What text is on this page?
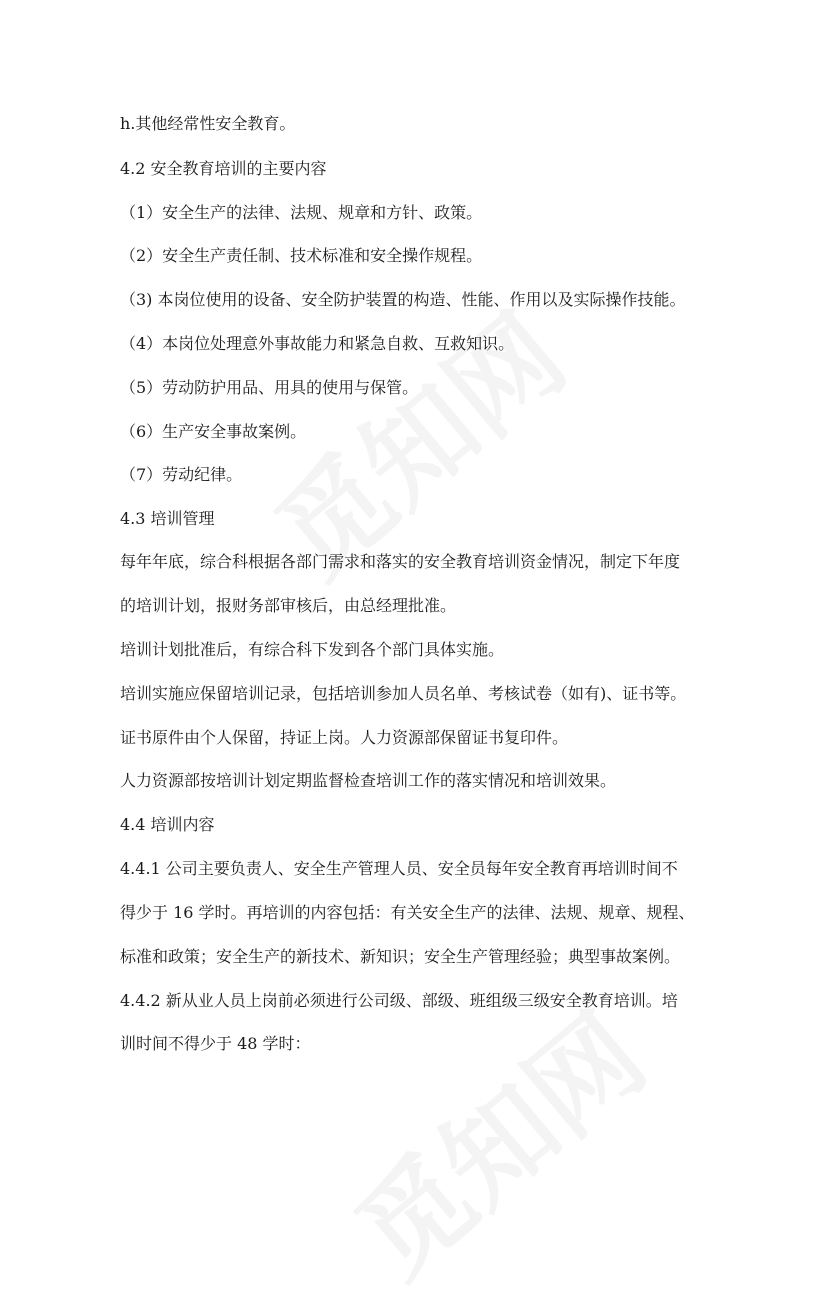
h.其他经常性安全教育。
4.2 安全教育培训的主要内容
（1）安全生产的法律、法规、规章和方针、政策。
（2）安全生产责任制、技术标准和安全操作规程。
（3) 本岗位使用的设备、安全防护装置的构造、性能、作用以及实际操作技能。
（4）本岗位处理意外事故能力和紧急自救、互救知识。
（5）劳动防护用品、用具的使用与保管。
（6）生产安全事故案例。
（7）劳动纪律。
4.3 培训管理
每年年底，综合科根据各部门需求和落实的安全教育培训资金情况，制定下年度
的培训计划，报财务部审核后，由总经理批准。
培训计划批准后，有综合科下发到各个部门具体实施。
培训实施应保留培训记录，包括培训参加人员名单、考核试卷（如有)、证书等。
证书原件由个人保留，持证上岗。人力资源部保留证书复印件。
人力资源部按培训计划定期监督检查培训工作的落实情况和培训效果。
4.4 培训内容
4.4.1 公司主要负责人、安全生产管理人员、安全员每年安全教育再培训时间不
得少于 16 学时。再培训的内容包括：有关安全生产的法律、法规、规章、规程、
标准和政策；安全生产的新技术、新知识；安全生产管理经验；典型事故案例。
4.4.2 新从业人员上岗前必须进行公司级、部级、班组级三级安全教育培训。培
训时间不得少于 48 学时：
